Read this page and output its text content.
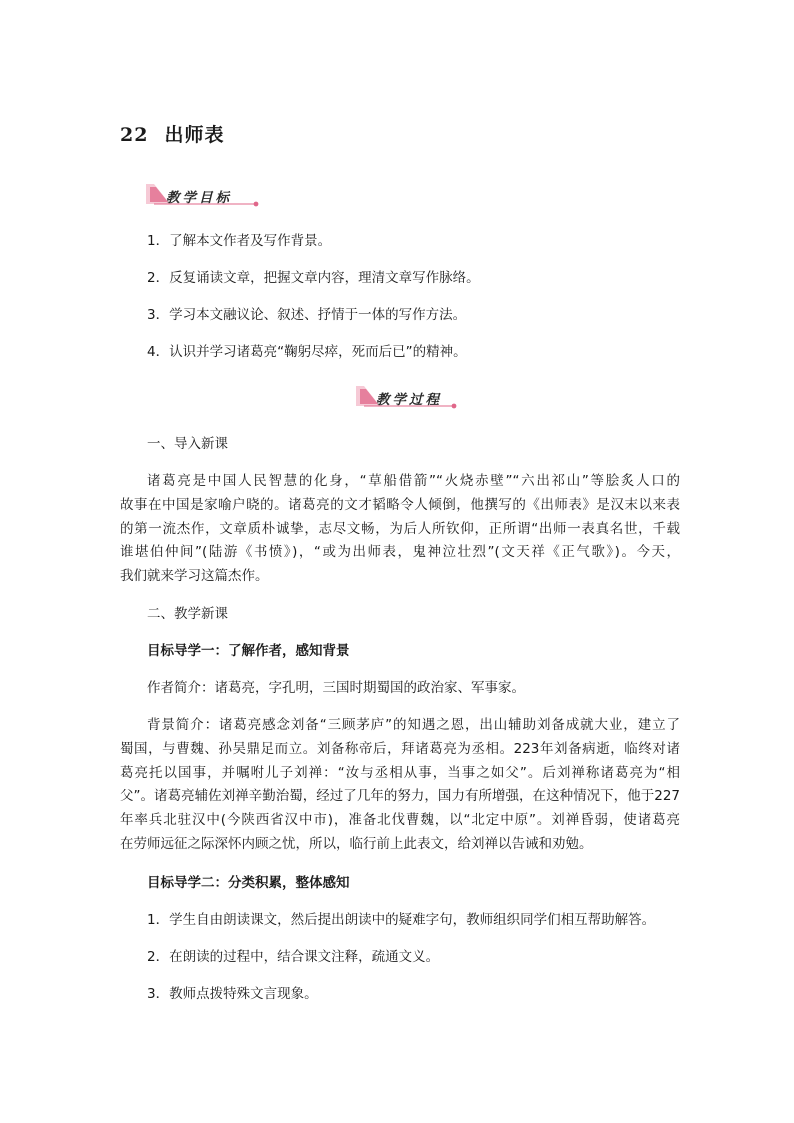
22 出师表
教学目标
1．了解本文作者及写作背景。
2．反复诵读文章，把握文章内容，理清文章写作脉络。
3．学习本文融议论、叙述、抒情于一体的写作方法。
4．认识并学习诸葛亮“鞠躬尽瘁，死而后已”的精神。
教学过程
一、导入新课
诸葛亮是中国人民智慧的化身，“草船借箭”“火烧赤壁”“六出祁山”等脍炙人口的
故事在中国是家喻户晓的。诸葛亮的文才韬略令人倾倒，他撰写的《出师表》是汉末以来表
的第一流杰作，文章质朴诚挚，志尽文畅，为后人所钦仰，正所谓“出师一表真名世，千载
谁堪伯仲间”(陆游《书愤》)，“或为出师表，鬼神泣壮烈”(文天祥《正气歌》)。今天，
我们就来学习这篇杰作。
二、教学新课
目标导学一：了解作者，感知背景
作者简介：诸葛亮，字孔明，三国时期蜀国的政治家、军事家。
背景简介：诸葛亮感念刘备“三顾茅庐”的知遇之恩，出山辅助刘备成就大业，建立了
蜀国，与曹魏、孙吴鼎足而立。刘备称帝后，拜诸葛亮为丞相。223年刘备病逝，临终对诸
葛亮托以国事，并嘱咐儿子刘禅：“汝与丞相从事，当事之如父”。后刘禅称诸葛亮为“相
父”。诸葛亮辅佐刘禅辛勤治蜀，经过了几年的努力，国力有所增强，在这种情况下，他于227
年率兵北驻汉中(今陕西省汉中市)，准备北伐曹魏，以“北定中原”。刘禅昏弱，使诸葛亮
在劳师远征之际深怀内顾之忧，所以，临行前上此表文，给刘禅以告诫和劝勉。
目标导学二：分类积累，整体感知
1．学生自由朗读课文，然后提出朗读中的疑难字句，教师组织同学们相互帮助解答。
2．在朗读的过程中，结合课文注释，疏通文义。
3．教师点拨特殊文言现象。
